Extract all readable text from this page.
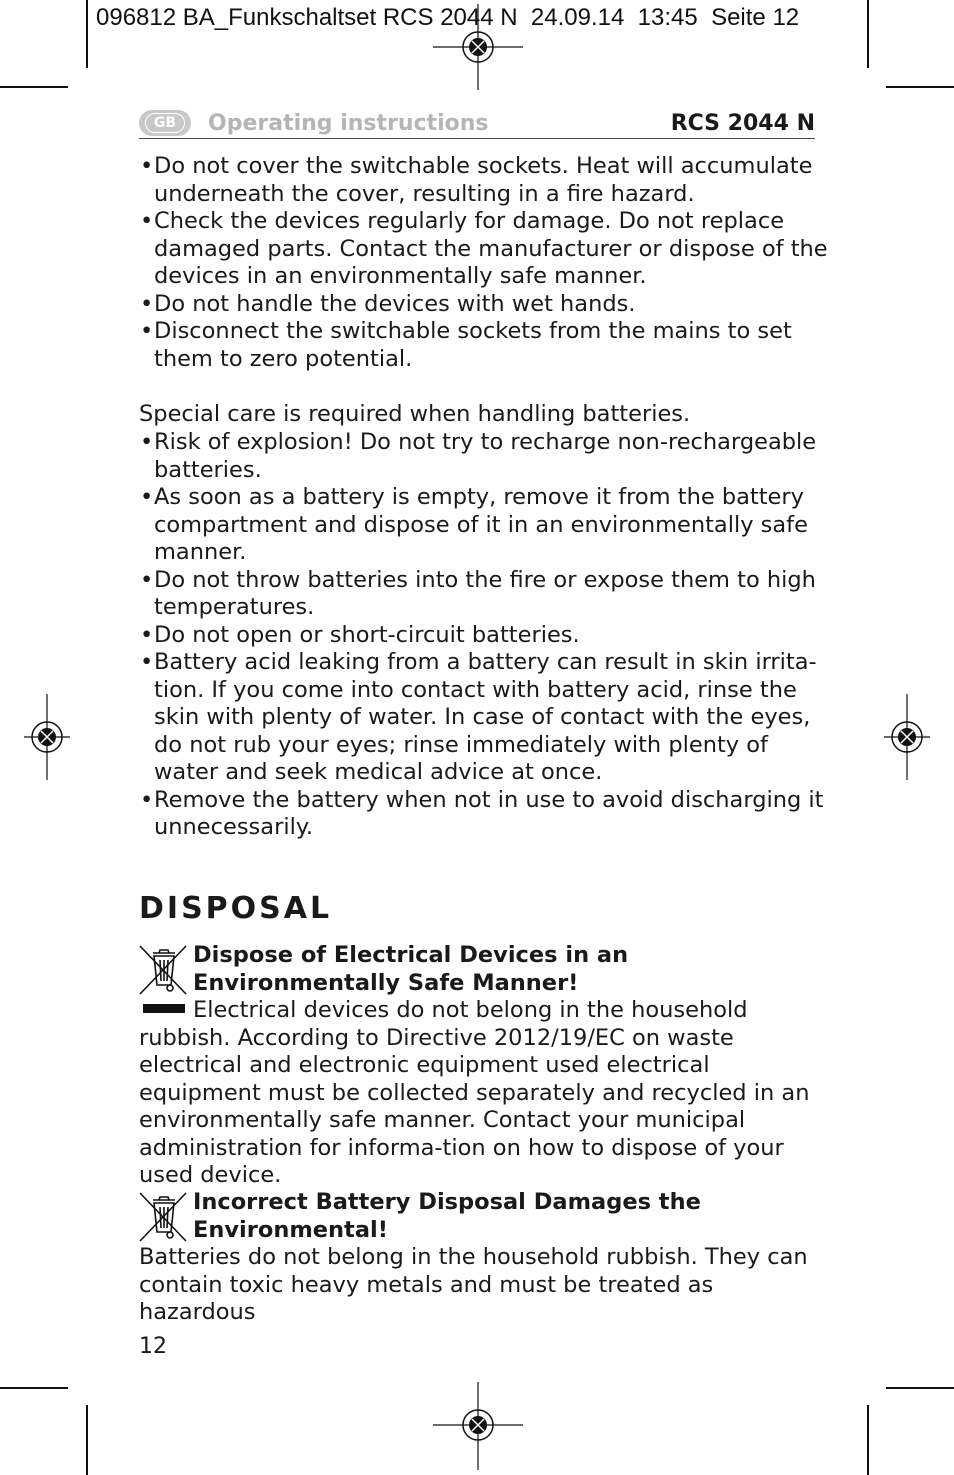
096812 BA_Funkschaltset RCS 2044 N  24.09.14  13:45  Seite 12
GB	Operating instructions	RCS 2044 N
• Do not cover the switchable sockets. Heat will accumulate underneath the cover, resulting in a fire hazard.
• Check the devices regularly for damage. Do not replace damaged parts. Contact the manufacturer or dispose of the devices in an environmentally safe manner.
• Do not handle the devices with wet hands.
• Disconnect the switchable sockets from the mains to set them to zero potential.

Special care is required when handling batteries.

• Risk of explosion! Do not try to recharge non-rechargeable batteries.
• As soon as a battery is empty, remove it from the battery compartment and dispose of it in an environmentally safe manner.
• Do not throw batteries into the fire or expose them to high temperatures.
• Do not open or short-circuit batteries.
• Battery acid leaking from a battery can result in skin irrita-tion. If you come into contact with battery acid, rinse the skin with plenty of water. In case of contact with the eyes, do not rub your eyes; rinse immediately with plenty of water and seek medical advice at once.
• Remove the battery when not in use to avoid discharging it unnecessarily.
DISPOSAL

Dispose of Electrical Devices in an Environmentally Safe Manner!

Electrical devices do not belong in the household rubbish. According to Directive 2012/19/EC on waste electrical and electronic equipment used electrical equipment must be collected separately and recycled in an environmentally safe manner. Contact your municipal administration for informa-tion on how to dispose of your used device.

Incorrect Battery Disposal Damages the Environmental!

Batteries do not belong in the household rubbish. They can contain toxic heavy metals and must be treated as hazardous

12
